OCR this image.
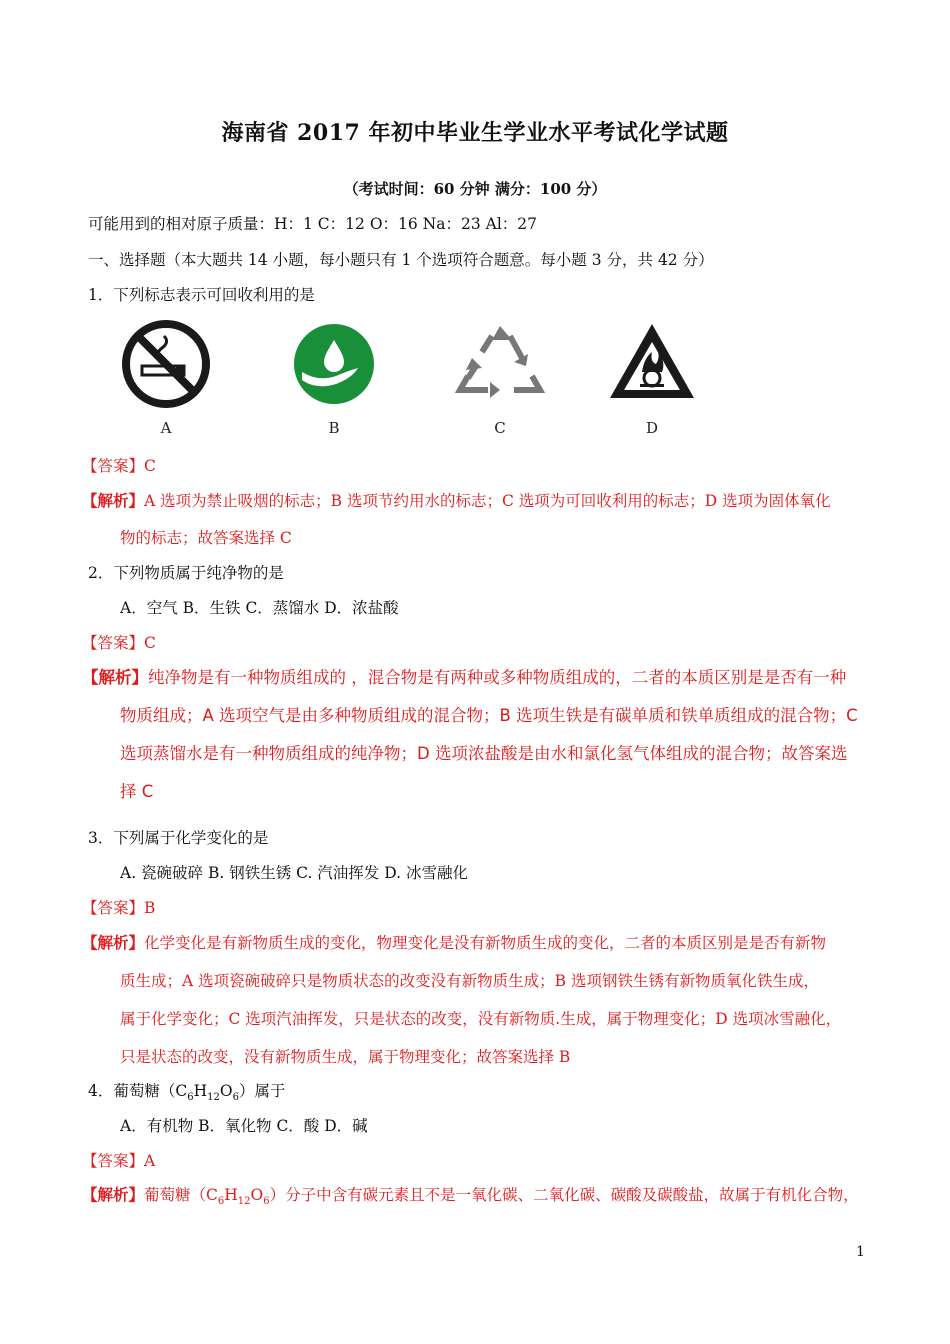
海南省 2017 年初中毕业生学业水平考试化学试题
（考试时间：60 分钟 满分：100 分）
可能用到的相对原子质量：H：1 C：12 O：16 Na：23 Al：27
一、选择题（本大题共 14 小题，每小题只有 1 个选项符合题意。每小题 3 分，共 42 分）
1．下列标志表示可回收利用的是
A	B	C	D
【答案】C
【解析】A 选项为禁止吸烟的标志；B 选项节约用水的标志；C 选项为可回收利用的标志；D 选项为固体氧化
物的标志；故答案选择 C
2．下列物质属于纯净物的是
A．空气 B．生铁 C．蒸馏水 D．浓盐酸
【答案】C
【解析】纯净物是有一种物质组成的 ，混合物是有两种或多种物质组成的，二者的本质区别是是否有一种
物质组成；A 选项空气是由多种物质组成的混合物；B 选项生铁是有碳单质和铁单质组成的混合物；C
选项蒸馏水是有一种物质组成的纯净物；D 选项浓盐酸是由水和氯化氢气体组成的混合物；故答案选
择 C
3．下列属于化学变化的是
A. 瓷碗破碎 B. 钢铁生锈 C. 汽油挥发 D. 冰雪融化
【答案】B
【解析】化学变化是有新物质生成的变化，物理变化是没有新物质生成的变化，二者的本质区别是是否有新物
质生成；A 选项瓷碗破碎只是物质状态的改变没有新物质生成；B 选项钢铁生锈有新物质氧化铁生成，
属于化学变化；C 选项汽油挥发，只是状态的改变，没有新物质.生成，属于物理变化；D 选项冰雪融化，
只是状态的改变，没有新物质生成，属于物理变化；故答案选择 B
4．葡萄糖$(C_6H_{12}O_6)$属于
A．有机物 B．氧化物 C．酸 D．碱
【答案】A
【解析】葡萄糖$(C_6H_{12}O_6)$分子中含有碳元素且不是一氧化碳、二氧化碳、碳酸及碳酸盐，故属于有机化合物，
1
